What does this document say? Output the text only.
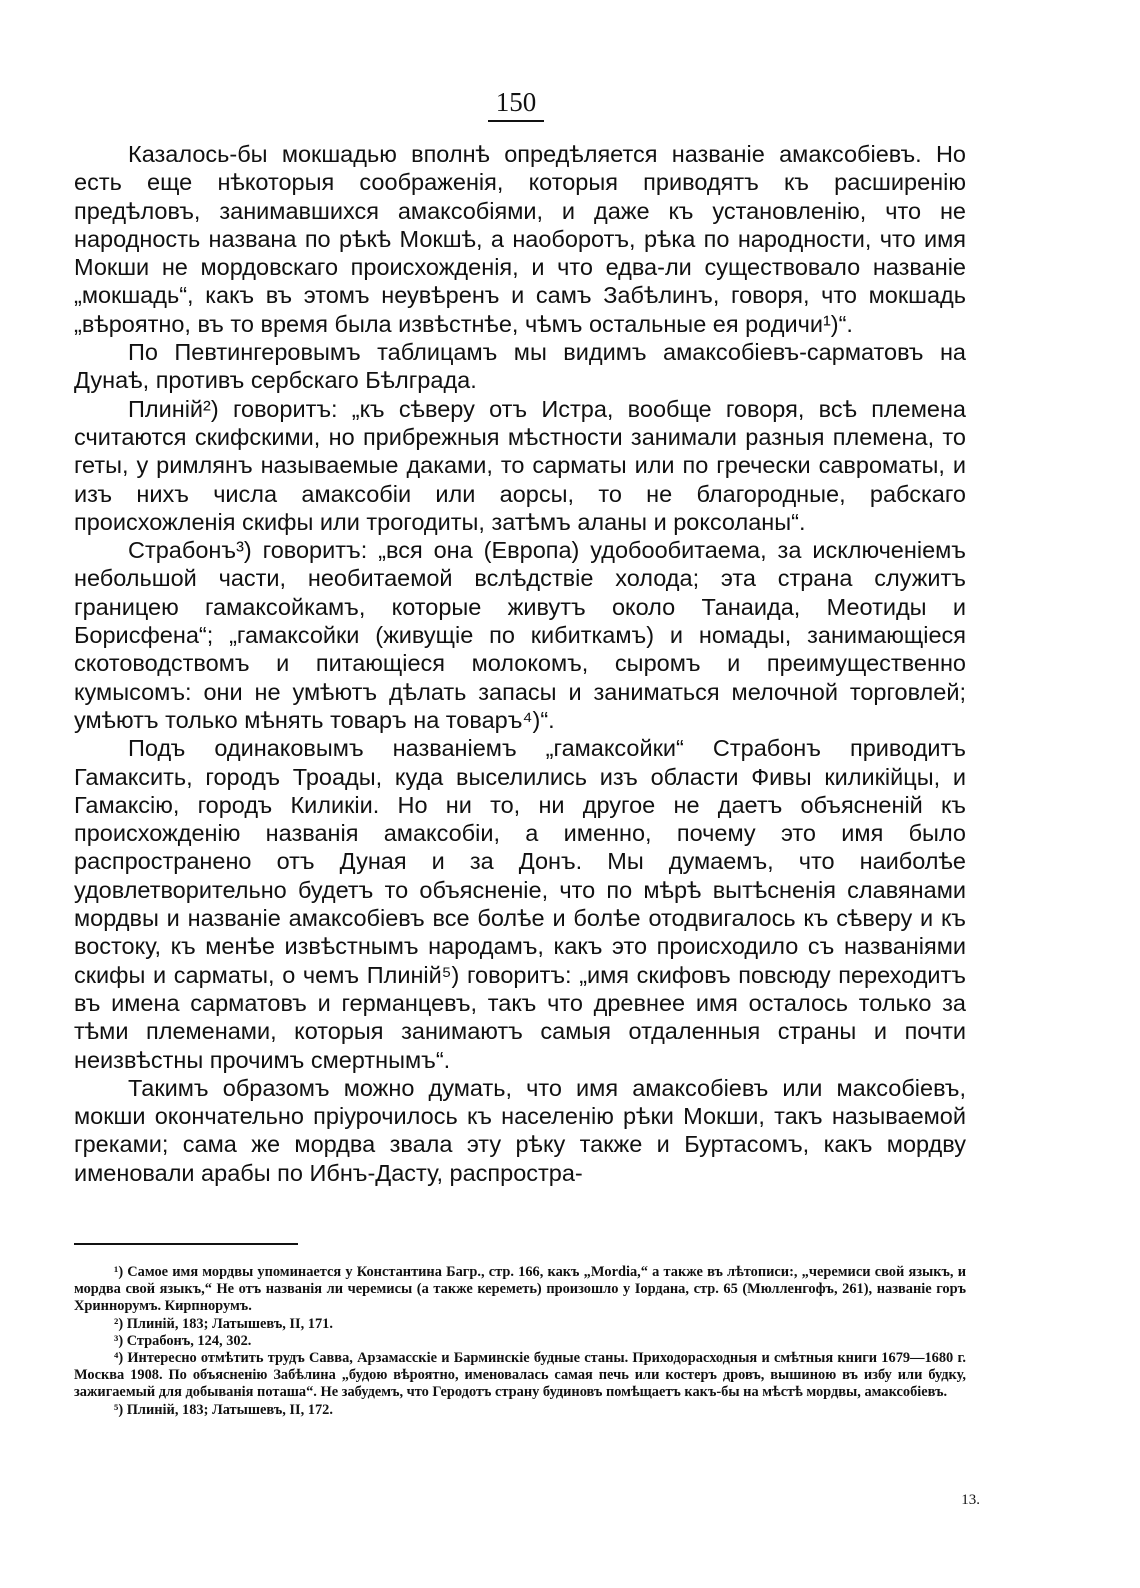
150

Казалось-бы мокшадью вполнѣ опредѣляется названіе амаксобіевъ. Но есть еще нѣкоторыя соображенія, которыя приводятъ къ расширенію предѣловъ, занимавшихся амаксобіями, и даже къ установленію, что не народность названа по рѣкѣ Мокшѣ, а наоборотъ, рѣка по народности, что имя Мокши не мордовскаго происхожденія, и что едва-ли существовало названіе „мокшадь“, какъ въ этомъ неувѣренъ и самъ Забѣлинъ, говоря, что мокшадь „вѣроятно, въ то время была извѣстнѣе, чѣмъ остальные ея родичи¹)“.

По Певтингеровымъ таблицамъ мы видимъ амаксобіевъ-сарматовъ на Дунаѣ, противъ сербскаго Бѣлграда.

Плиній²) говоритъ: „къ сѣверу отъ Истра, вообще говоря, всѣ племена считаются скифскими, но прибрежныя мѣстности занимали разныя племена, то геты, у римлянъ называемые даками, то сарматы или по гречески савроматы, и изъ нихъ числа амаксобіи или аорсы, то не благородные, рабскаго происхожленія скифы или трогодиты, затѣмъ аланы и роксоланы“.

Страбонъ³) говоритъ: „вся она (Европа) удобообитаема, за исключеніемъ небольшой части, необитаемой вслѣдствіе холода; эта страна служитъ границею гамаксойкамъ, которые живутъ около Танаида, Меотиды и Борисфена“; „гамаксойки (живущіе по кибиткамъ) и номады, занимающіеся скотоводствомъ и питающіеся молокомъ, сыромъ и преимущественно кумысомъ: они не умѣютъ дѣлать запасы и заниматься мелочной торговлей; умѣютъ только мѣнять товаръ на товаръ⁴)“.

Подъ одинаковымъ названіемъ „гамаксойки“ Страбонъ приводитъ Гамаксить, городъ Троады, куда выселились изъ области Фивы киликійцы, и Гамаксію, городъ Киликіи. Но ни то, ни другое не даетъ объясненій къ происхожденію названія амаксобіи, а именно, почему это имя было распространено отъ Дуная и за Донъ. Мы думаемъ, что наиболѣе удовлетворительно будетъ то объясненіе, что по мѣрѣ вытѣсненія славянами мордвы и названіе амаксобіевъ все болѣе и болѣе отодвигалось къ сѣверу и къ востоку, къ менѣе извѣстнымъ народамъ, какъ это происходило съ названіями скифы и сарматы, о чемъ Плиній⁵) говоритъ: „имя скифовъ повсюду переходитъ въ имена сарматовъ и германцевъ, такъ что древнее имя осталось только за тѣми племенами, которыя занимаютъ самыя отдаленныя страны и почти неизвѣстны прочимъ смертнымъ“.

Такимъ образомъ можно думать, что имя амаксобіевъ или максобіевъ, мокши окончательно пріурочилось къ населенію рѣки Мокши, такъ называемой греками; сама же мордва звала эту рѣку также и Буртасомъ, какъ мордву именовали арабы по Ибнъ-Дасту, распростра-

¹) Самое имя мордвы упоминается у Константина Багр., стр. 166, какъ „Mordia,“ а также въ лѣтописи:, „черемиси свой языкъ, и мордва свой языкъ,“ Не отъ названія ли черемисы (а также кереметь) произошло у Іордана, стр. 65 (Мюлленгофъ, 261), названіе горъ Хриннорумъ. Кирпнорумъ.

²) Плиній, 183; Латышевъ, II, 171.

³) Страбонъ, 124, 302.

⁴) Интересно отмѣтить трудъ Савва, Арзамасскіе и Барминскіе будные станы. Приходорасходныя и смѣтныя книги 1679—1680 г. Москва 1908. По объясненію Забѣлина „будою вѣроятно, именовалась самая печь или костеръ дровъ, вышиною въ избу или будку, зажигаемый для добыванія поташа“. Не забудемъ, что Геродотъ страну будиновъ помѣщаетъ какъ-бы на мѣстѣ мордвы, амаксобіевъ.

⁵) Плиній, 183; Латышевъ, II, 172.

13.
